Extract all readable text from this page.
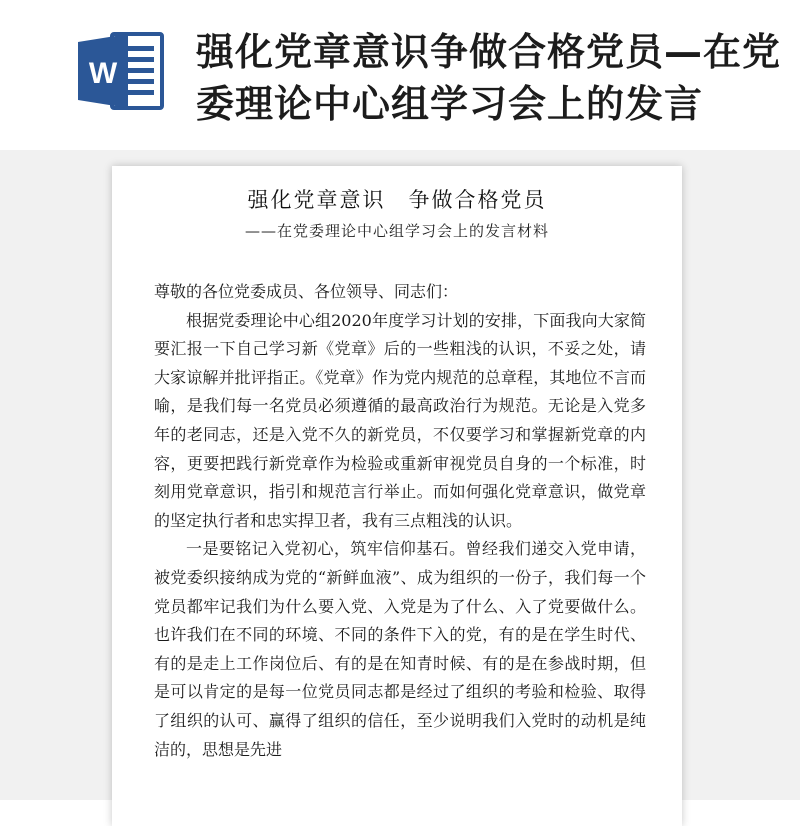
W 强化党章意识争做合格党员—在党委理论中心组学习会上的发言
强化党章意识　争做合格党员
——在党委理论中心组学习会上的发言材料

尊敬的各位党委成员、各位领导、同志们：

根据党委理论中心组2020年度学习计划的安排，下面我向大家简要汇报一下自己学习新《党章》后的一些粗浅的认识，不妥之处，请大家谅解并批评指正。《党章》作为党内规范的总章程，其地位不言而喻，是我们每一名党员必须遵循的最高政治行为规范。无论是入党多年的老同志，还是入党不久的新党员，不仅要学习和掌握新党章的内容，更要把践行新党章作为检验或重新审视党员自身的一个标准，时刻用党章意识，指引和规范言行举止。而如何强化党章意识，做党章的坚定执行者和忠实捍卫者，我有三点粗浅的认识。

一是要铭记入党初心，筑牢信仰基石。曾经我们递交入党申请，被党委织接纳成为党的“新鲜血液”、成为组织的一份子，我们每一个党员都牢记我们为什么要入党、入党是为了什么、入了党要做什么。也许我们在不同的环境、不同的条件下入的党，有的是在学生时代、有的是走上工作岗位后、有的是在知青时候、有的是在参战时期，但是可以肯定的是每一位党员同志都是经过了组织的考验和检验、取得了组织的认可、赢得了组织的信任，至少说明我们入党时的动机是纯洁的，思想是先进
